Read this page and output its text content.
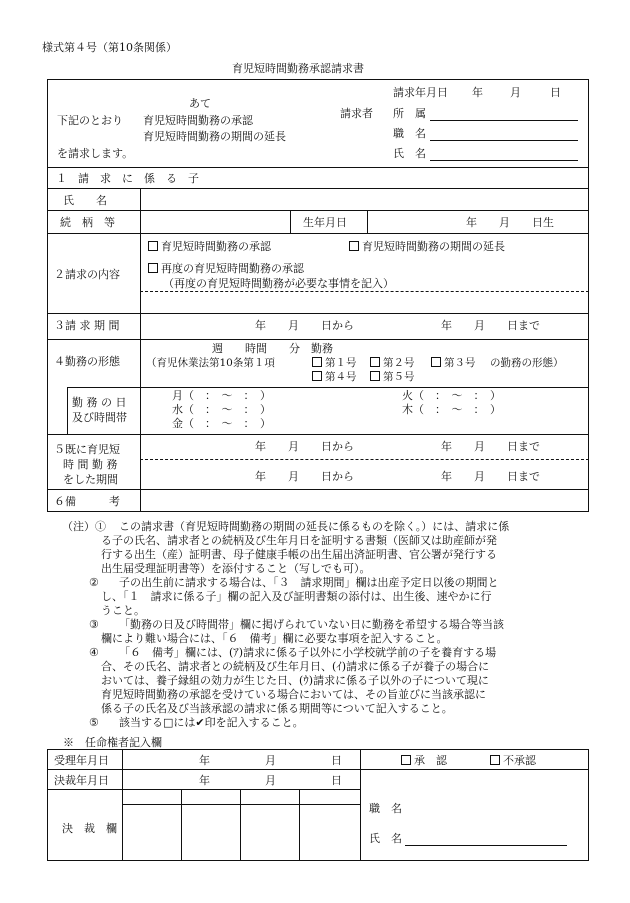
様式第４号（第10条関係）
育児短時間勤務承認請求書
あて
下記のとおり 育児短時間勤務の承認
育児短時間勤務の期間の延長
を請求します。
請求年月日 年 月	日
請求者 所　属
職　名
氏　名
１　請　求　に　係　る　子
氏　　名
続　柄　等	生年月日	年　　月　　日生
２請求の内容
育児短時間勤務の承認	育児短時間勤務の期間の延長
再度の育児短時間勤務の承認
（再度の育児短時間勤務が必要な事情を記入）
３請 求 期 間	年　　月　　日から	年　　月　　日まで
４勤務の形態
週　　時間　　分　勤務
（育児休業法第10条第１項	第１号	第２号	第３号 の勤務の形態）
第４号	第５号
勤 務 の 日
及び時間帯
月（　：　〜　：　）	火（　：　〜　：　）
水（　：　〜　：　）	木（　：　〜　：　）
金（　：　〜　：　）
５既に育児短
時 間 勤 務
をした期間
年　　月　　日から	年　　月　　日まで
年　　月　　日から	年　　月　　日まで
６備　　　考
（注）① この請求書（育児短時間勤務の期間の延長に係るものを除く。）には、請求に係
る子の氏名、請求者との続柄及び生年月日を証明する書類（医師又は助産師が発
行する出生（産）証明書、母子健康手帳の出生届出済証明書、官公署が発行する
出生届受理証明書等）を添付すること（写しでも可）。
② 子の出生前に請求する場合は、「３　請求期間」欄は出産予定日以後の期間と
し、「１　請求に係る子」欄の記入及び証明書類の添付は、出生後、速やかに行
うこと。
③ 「勤務の日及び時間帯」欄に掲げられていない日に勤務を希望する場合等当該
欄により難い場合には、「６　備考」欄に必要な事項を記入すること。
④ 「６　備考」欄には、(ｱ)請求に係る子以外に小学校就学前の子を養育する場
合、その氏名、請求者との続柄及び生年月日、(ｲ)請求に係る子が養子の場合に
おいては、養子縁組の効力が生じた日、(ｳ)請求に係る子以外の子について現に
育児短時間勤務の承認を受けている場合においては、その旨並びに当該承認に
係る子の氏名及び当該承認の請求に係る期間等について記入すること。
⑤ 該当する□には✔印を記入すること。
※　任命権者記入欄
受理年月日	年　　　　　月　　　　　日
決裁年月日	年　　　　　月　　　　　日
決　裁　欄
承　認	不承認
職　名
氏　名
